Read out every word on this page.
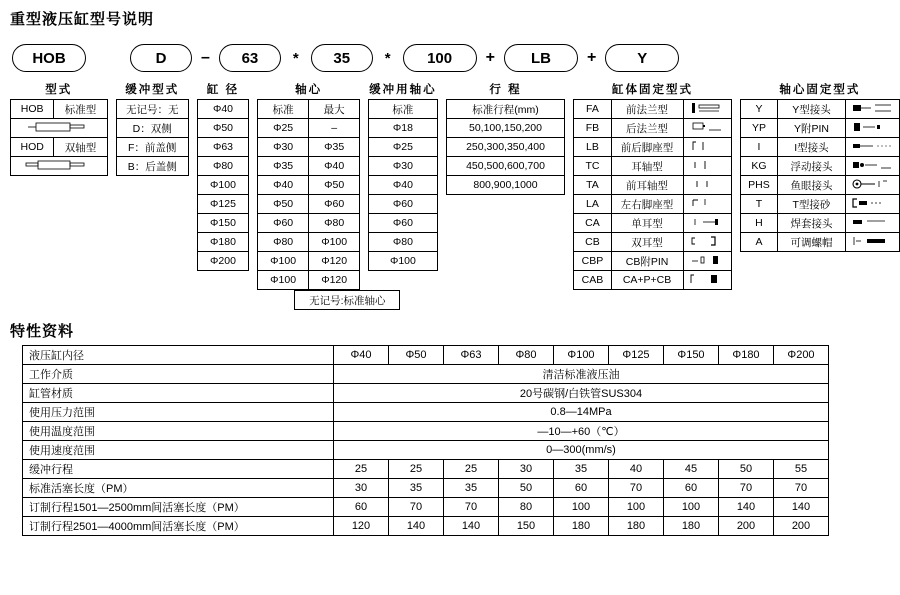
重型液压缸型号说明
HOB	D	–	63	*	35	*	100	+	LB	+	Y
型式
HOB	标准型

HOD	双轴型

缓冲型式
无记号：无
D：双侧
F：前盖侧
B：后盖侧
缸 径
Φ40
Φ50
Φ63
Φ80
Φ100
Φ125
Φ150
Φ180
Φ200
轴心
标准	最大
Φ25	–
Φ30	Φ35
Φ35	Φ40
Φ40	Φ50
Φ50	Φ60
Φ60	Φ80
Φ80	Φ100
Φ100	Φ120
Φ100	Φ120
缓冲用轴心
标准
Φ18
Φ25
Φ30
Φ40
Φ60
Φ60
Φ80
Φ100
无记号:标准轴心
行 程
标准行程(mm)
50,100,150,200
250,300,350,400
450,500,600,700
800,900,1000
缸体固定型式
FA	前法兰型	
FB	后法兰型	
LB	前后脚座型	
TC	耳轴型	
TA	前耳轴型	
LA	左右脚座型	
CA	单耳型	
CB	双耳型	
CBP	CB附PIN	
CAB	CA+P+CB	
轴心固定型式
Y	Y型接头	
YP	Y附PIN	
I	I型接头	
KG	浮动接头	
PHS	鱼眼接头	
T	T型接砂	
H	焊套接头	
A	可调螺帽	
特性资料
液压缸内径	Φ40	Φ50	Φ63	Φ80	Φ100	Φ125	Φ150	Φ180	Φ200
工作介质	清洁标准液压油								
缸管材质	20号碳钢/白铁管SUS304								
使用压力范围	0.8—14MPa								
使用温度范围	—10—+60（℃）								
使用速度范围	0—300(mm/s)								
缓冲行程	25	25	25	30	35	40	45	50	55
标准活塞长度（PM）	30	35	35	50	60	70	60	70	70
订制行程1501—2500mm间活塞长度（PM）	60	70	70	80	100	100	100	140	140
订制行程2501—4000mm间活塞长度（PM）	120	140	140	150	180	180	180	200	200
